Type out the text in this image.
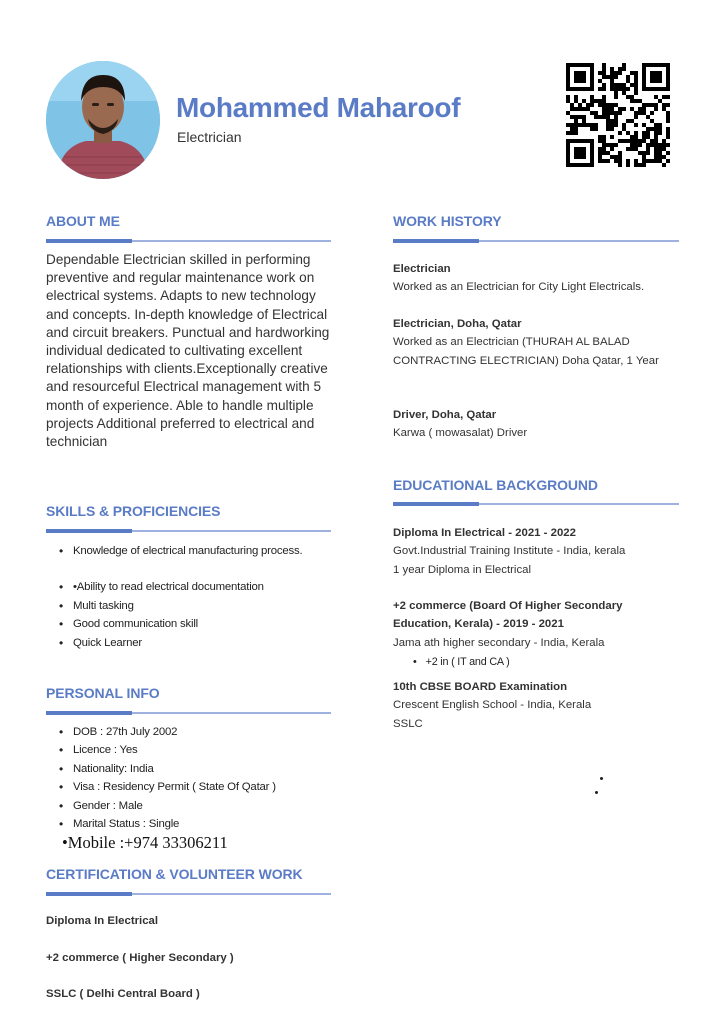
Mohammed Maharoof
Electrician
ABOUT ME
Dependable Electrician skilled in performing preventive and regular maintenance work on electrical systems. Adapts to new technology and concepts. In-depth knowledge of Electrical and circuit breakers. Punctual and hardworking individual dedicated to cultivating excellent relationships with clients.Exceptionally creative and resourceful Electrical management with 5 month of experience. Able to handle multiple projects Additional preferred to electrical and technician
SKILLS & PROFICIENCIES
• Knowledge of electrical manufacturing process.
• •Ability to read electrical documentation
• Multi tasking
• Good communication skill
• Quick Learner
PERSONAL INFO
• DOB : 27th July 2002
• Licence : Yes
• Nationality: India
• Visa : Residency Permit ( State Of Qatar )
• Gender : Male
• Marital Status : Single
•Mobile :+974 33306211
CERTIFICATION & VOLUNTEER WORK
Diploma In Electrical
+2 commerce ( Higher Secondary )
SSLC ( Delhi Central Board )
WORK HISTORY
Electrician
Worked as an Electrician for City Light Electricals.
Electrician, Doha, Qatar
Worked as an Electrician (THURAH AL BALAD CONTRACTING ELECTRICIAN) Doha Qatar, 1 Year
Driver, Doha, Qatar
Karwa ( mowasalat) Driver
EDUCATIONAL BACKGROUND
Diploma In Electrical - 2021 - 2022
Govt.Industrial Training Institute - India, kerala
1 year Diploma in Electrical
+2 commerce (Board Of Higher Secondary
Education, Kerala) - 2019 - 2021
Jama ath higher secondary - India, Kerala
• +2 in ( IT and CA )
10th CBSE BOARD Examination
Crescent English School - India, Kerala
SSLC
